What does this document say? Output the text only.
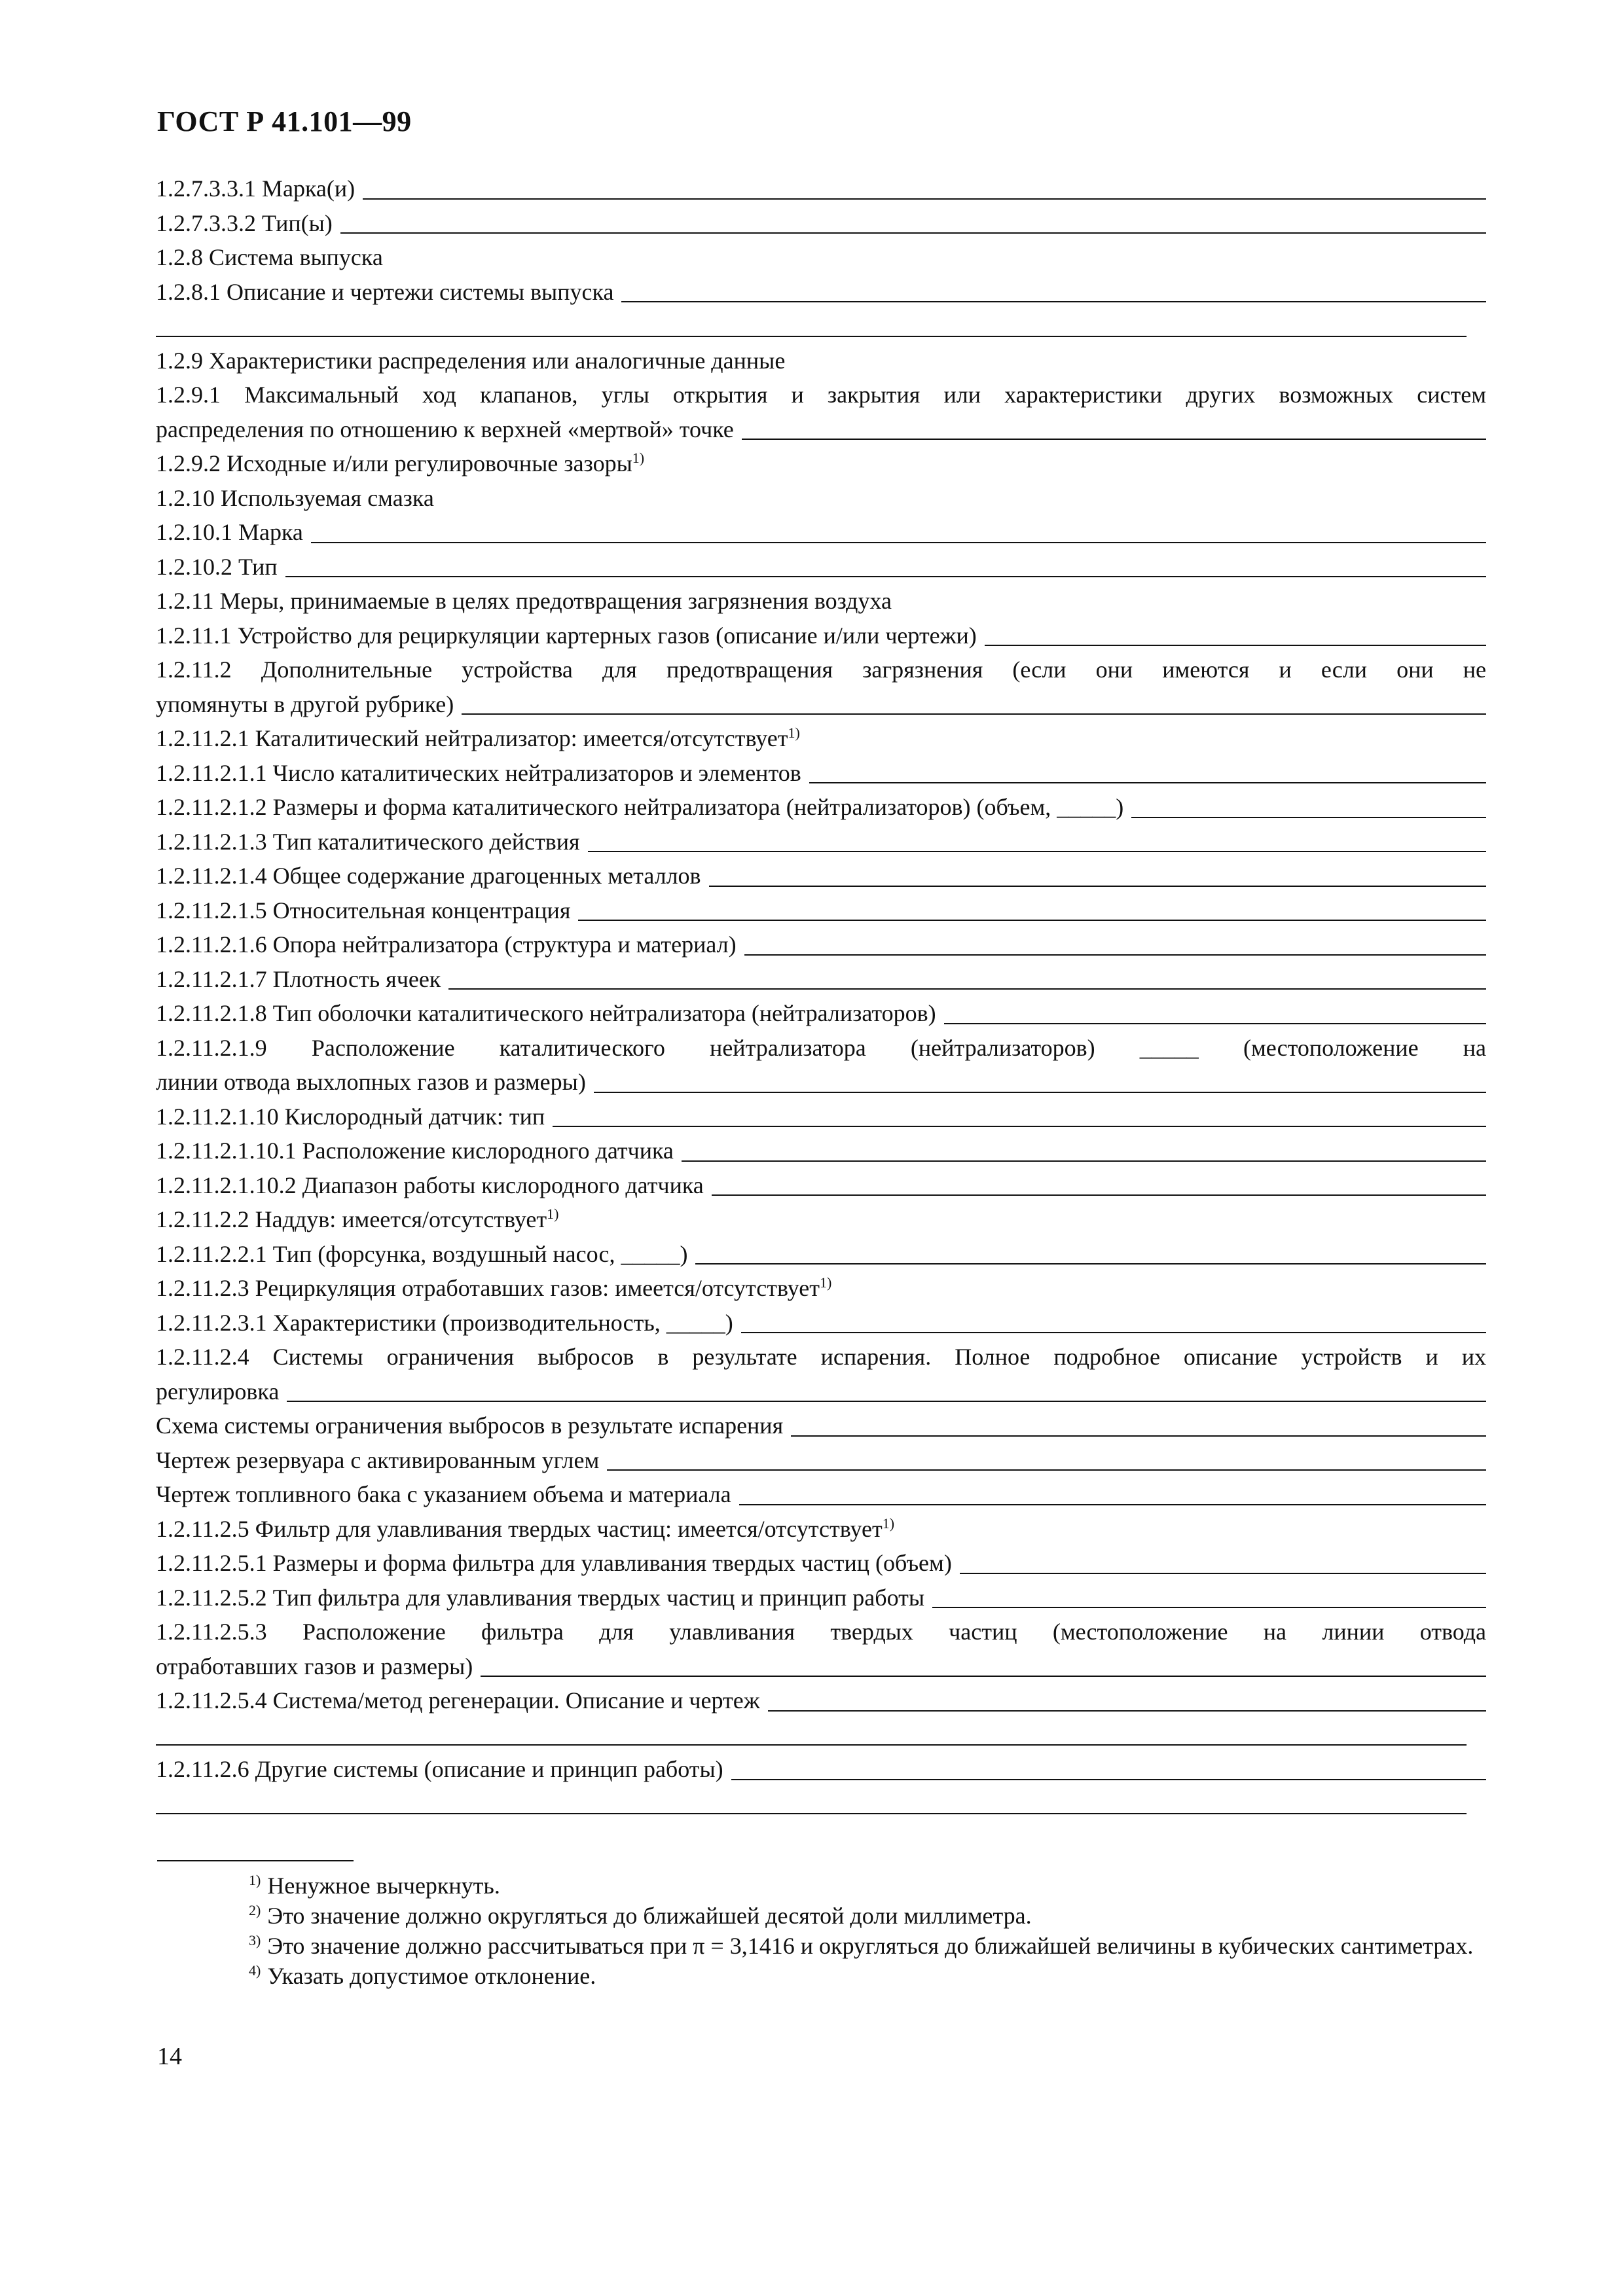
ГОСТ Р 41.101—99
1.2.7.3.3.1 Марка(и)
1.2.7.3.3.2 Тип(ы)
1.2.8 Система выпуска
1.2.8.1 Описание и чертежи системы выпуска
1.2.9 Характеристики распределения или аналогичные данные
1.2.9.1 Максимальный ход клапанов, углы открытия и закрытия или характеристики других возможных систем
распределения по отношению к верхней «мертвой» точке
1.2.9.2 Исходные и/или регулировочные зазоры$^{1)}$
1.2.10 Используемая смазка
1.2.10.1 Марка
1.2.10.2 Тип
1.2.11 Меры, принимаемые в целях предотвращения загрязнения воздуха
1.2.11.1 Устройство для рециркуляции картерных газов (описание и/или чертежи)
1.2.11.2 Дополнительные устройства для предотвращения загрязнения (если они имеются и если они не
упомянуты в другой рубрике)
1.2.11.2.1 Каталитический нейтрализатор: имеется/отсутствует$^{1)}$
1.2.11.2.1.1 Число каталитических нейтрализаторов и элементов
1.2.11.2.1.2 Размеры и форма каталитического нейтрализатора (нейтрализаторов) (объем, _____)
1.2.11.2.1.3 Тип каталитического действия
1.2.11.2.1.4 Общее содержание драгоценных металлов
1.2.11.2.1.5 Относительная концентрация
1.2.11.2.1.6 Опора нейтрализатора (структура и материал)
1.2.11.2.1.7 Плотность ячеек
1.2.11.2.1.8 Тип оболочки каталитического нейтрализатора (нейтрализаторов)
1.2.11.2.1.9 Расположение каталитического нейтрализатора (нейтрализаторов) _____ (местоположение на
линии отвода выхлопных газов и размеры)
1.2.11.2.1.10 Кислородный датчик: тип
1.2.11.2.1.10.1 Расположение кислородного датчика
1.2.11.2.1.10.2 Диапазон работы кислородного датчика
1.2.11.2.2 Наддув: имеется/отсутствует$^{1)}$
1.2.11.2.2.1 Тип (форсунка, воздушный насос, _____)
1.2.11.2.3 Рециркуляция отработавших газов: имеется/отсутствует$^{1)}$
1.2.11.2.3.1 Характеристики (производительность, _____)
1.2.11.2.4 Системы ограничения выбросов в результате испарения. Полное подробное описание устройств и их
регулировка
Схема системы ограничения выбросов в результате испарения
Чертеж резервуара с активированным углем
Чертеж топливного бака с указанием объема и материала
1.2.11.2.5 Фильтр для улавливания твердых частиц: имеется/отсутствует$^{1)}$
1.2.11.2.5.1 Размеры и форма фильтра для улавливания твердых частиц (объем)
1.2.11.2.5.2 Тип фильтра для улавливания твердых частиц и принцип работы
1.2.11.2.5.3 Расположение фильтра для улавливания твердых частиц (местоположение на линии отвода
отработавших газов и размеры)
1.2.11.2.5.4 Система/метод регенерации. Описание и чертеж
1.2.11.2.6 Другие системы (описание и принцип работы)
$^{1)}$ Ненужное вычеркнуть.
$^{2)}$ Это значение должно округляться до ближайшей десятой доли миллиметра.
$^{3)}$ Это значение должно рассчитываться при π = 3,1416 и округляться до ближайшей величины в кубических сантиметрах.
$^{4)}$ Указать допустимое отклонение.
14
